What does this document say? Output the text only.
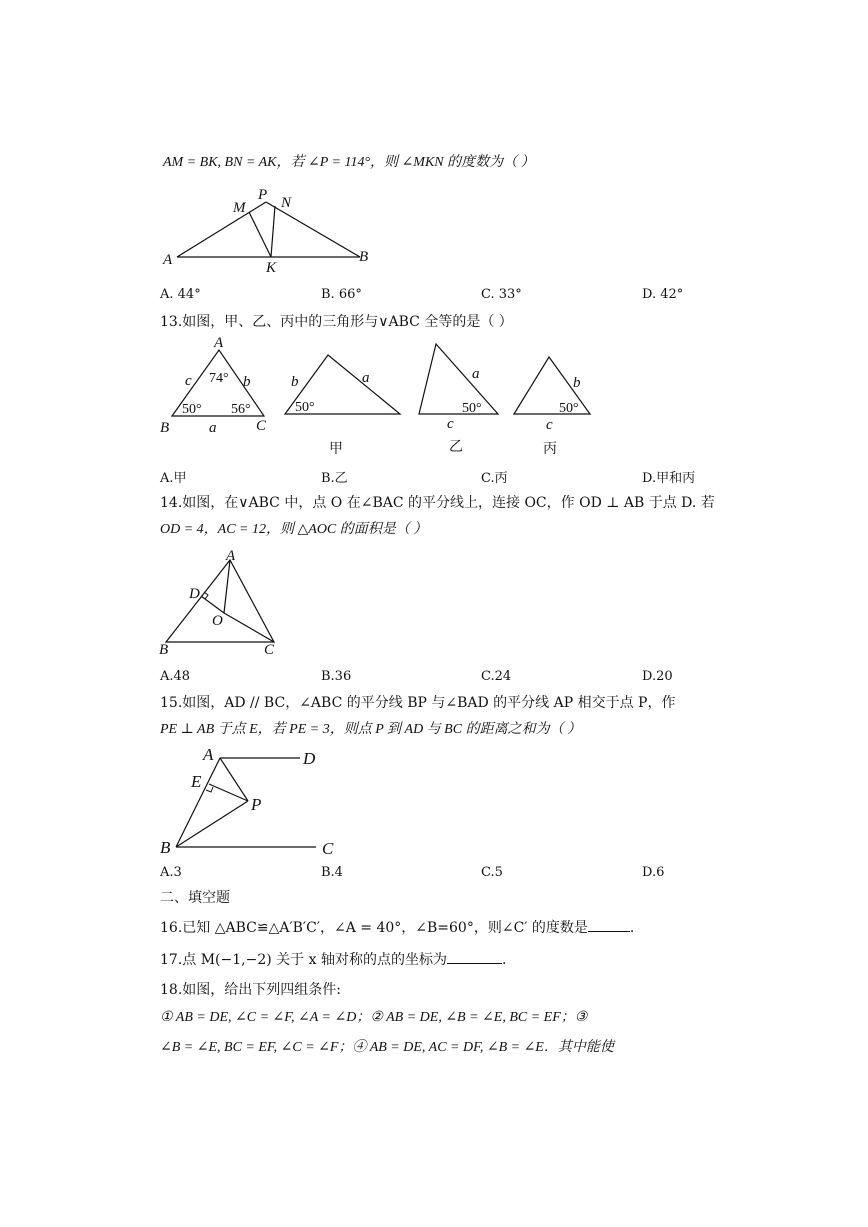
AM = BK, BN = AK，若 ∠P = 114°，则 ∠MKN 的度数为（ ）
A	B
K
M
P N
A. 44°	B. 66°	C. 33°	D. 42°
13.如图，甲、乙、丙中的三角形与∨ABC 全等的是（ ）
A
B	C
a
b
c 74°
50° 56°
b	a
50°
甲
a
50°
c
乙
b
50°
c
丙
A.甲	B.乙	C.丙	D.甲和丙
14.如图，在∨ABC 中，点 O 在∠BAC 的平分线上，连接 OC，作 OD ⊥ AB 于点 D. 若
OD = 4，AC = 12，则 △AOC 的面积是（ ）
A
D
O
B	C
A.48	B.36	C.24	D.20
15.如图，AD // BC，∠ABC 的平分线 BP 与∠BAD 的平分线 AP 相交于点 P，作
PE ⊥ AB 于点 E，若 PE = 3，则点 P 到 AD 与 BC 的距离之和为（ ）
A	D
E
P
B	C
A.3	B.4	C.5	D.6
二、填空题
16.已知 △ABC≌△A′B′C′，∠A = 40°，∠B=60°，则∠C′ 的度数是	.
17.点 M(−1,−2) 关于 x 轴对称的点的坐标为	.
18.如图，给出下列四组条件:
① AB = DE, ∠C = ∠F, ∠A = ∠D；② AB = DE, ∠B = ∠E, BC = EF；③
∠B = ∠E, BC = EF, ∠C = ∠F；④ AB = DE, AC = DF, ∠B = ∠E．其中能使
